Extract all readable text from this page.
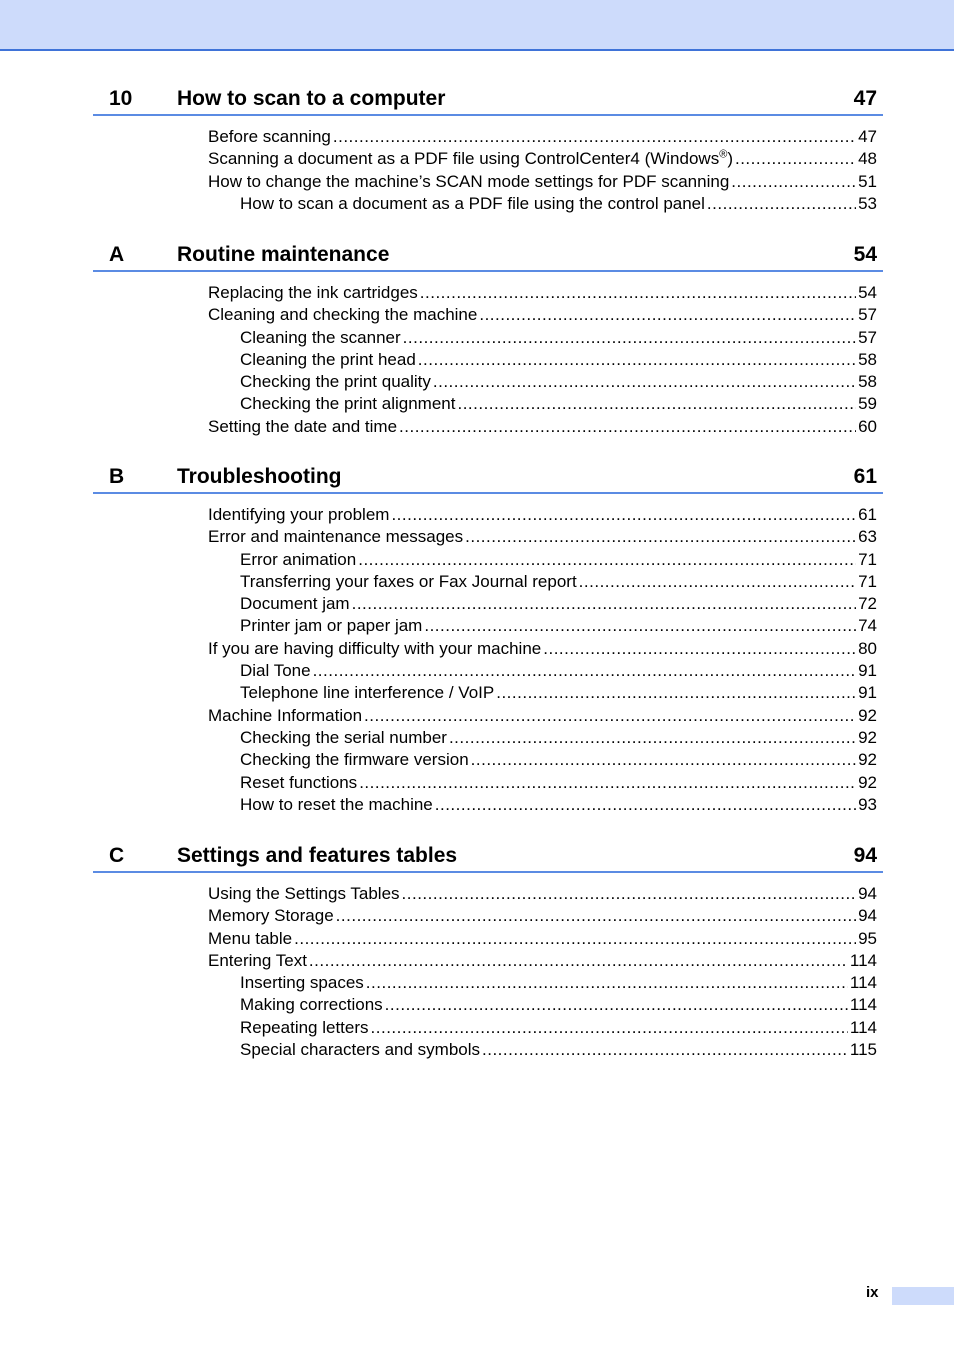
10 How to scan to a computer	47
Before scanning .....	47
Scanning a document as a PDF file using ControlCenter4 (Windows®) .....	48
How to change the machine’s SCAN mode settings for PDF scanning .....	51
How to scan a document as a PDF file using the control panel .....	53
A	Routine maintenance	54
Replacing the ink cartridges .....	54
Cleaning and checking the machine .....	57
Cleaning the scanner .....	57
Cleaning the print head .....	58
Checking the print quality .....	58
Checking the print alignment .....	59
Setting the date and time .....	60
B	Troubleshooting	61
Identifying your problem .....	61
Error and maintenance messages .....	63
Error animation .....	71
Transferring your faxes or Fax Journal report .....	71
Document jam .....	72
Printer jam or paper jam .....	74
If you are having difficulty with your machine .....	80
Dial Tone .....	91
Telephone line interference / VoIP .....	91
Machine Information .....	92
Checking the serial number .....	92
Checking the firmware version .....	92
Reset functions .....	92
How to reset the machine .....	93
C	Settings and features tables	94
Using the Settings Tables .....	94
Memory Storage .....	94
Menu table .....	95
Entering Text .....	114
Inserting spaces .....	114
Making corrections .....	114
Repeating letters .....	114
Special characters and symbols .....	115
ix
